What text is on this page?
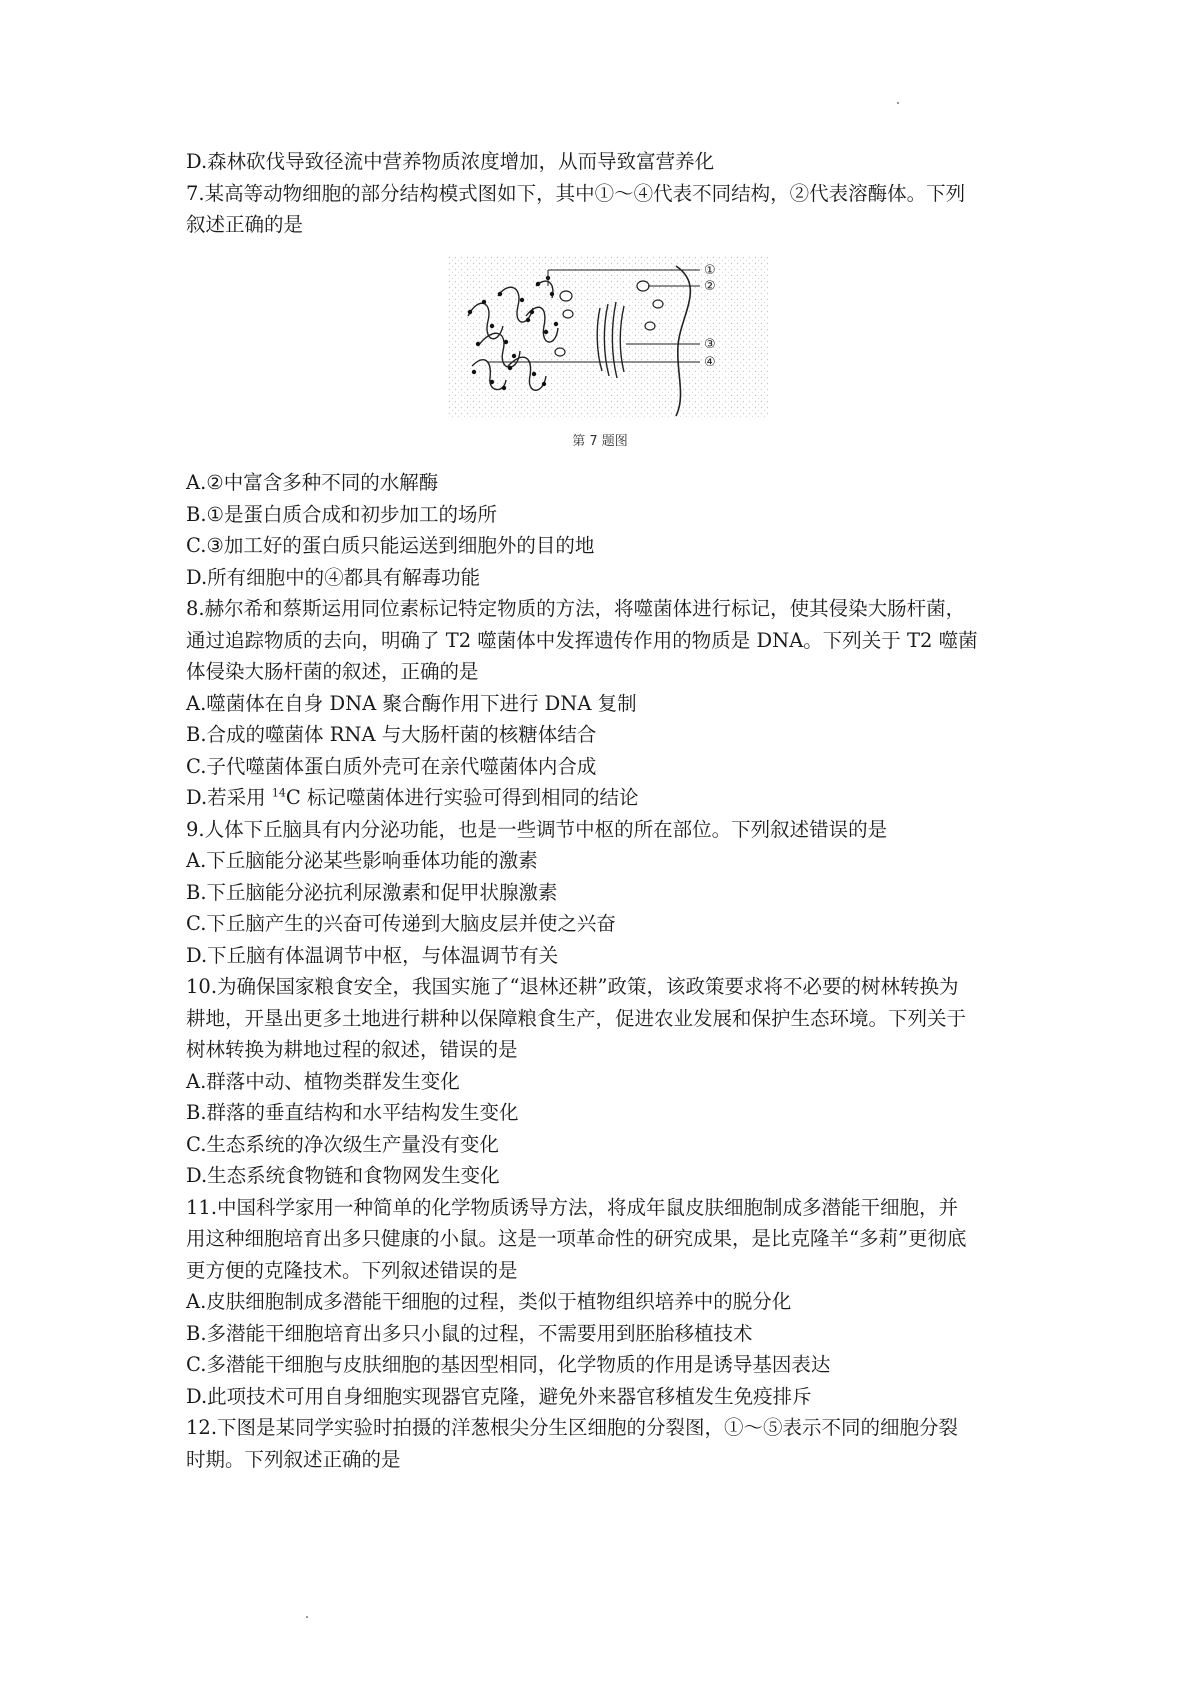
D.森林砍伐导致径流中营养物质浓度增加，从而导致富营养化
7.某高等动物细胞的部分结构模式图如下，其中①～④代表不同结构，②代表溶酶体。下列
叙述正确的是
①
②
③
④
第 7 题图
A.②中富含多种不同的水解酶
B.①是蛋白质合成和初步加工的场所
C.③加工好的蛋白质只能运送到细胞外的目的地
D.所有细胞中的④都具有解毒功能
8.赫尔希和蔡斯运用同位素标记特定物质的方法，将噬菌体进行标记，使其侵染大肠杆菌，
通过追踪物质的去向，明确了 T2 噬菌体中发挥遗传作用的物质是 DNA。下列关于 T2 噬菌
体侵染大肠杆菌的叙述，正确的是
A.噬菌体在自身 DNA 聚合酶作用下进行 DNA 复制
B.合成的噬菌体 RNA 与大肠杆菌的核糖体结合
C.子代噬菌体蛋白质外壳可在亲代噬菌体内合成
D.若采用 $^{14}$C 标记噬菌体进行实验可得到相同的结论
9.人体下丘脑具有内分泌功能，也是一些调节中枢的所在部位。下列叙述错误的是
A.下丘脑能分泌某些影响垂体功能的激素
B.下丘脑能分泌抗利尿激素和促甲状腺激素
C.下丘脑产生的兴奋可传递到大脑皮层并使之兴奋
D.下丘脑有体温调节中枢，与体温调节有关
10.为确保国家粮食安全，我国实施了“退林还耕”政策，该政策要求将不必要的树林转换为
耕地，开垦出更多土地进行耕种以保障粮食生产，促进农业发展和保护生态环境。下列关于
树林转换为耕地过程的叙述，错误的是
A.群落中动、植物类群发生变化
B.群落的垂直结构和水平结构发生变化
C.生态系统的净次级生产量没有变化
D.生态系统食物链和食物网发生变化
11.中国科学家用一种简单的化学物质诱导方法，将成年鼠皮肤细胞制成多潜能干细胞，并
用这种细胞培育出多只健康的小鼠。这是一项革命性的研究成果，是比克隆羊“多莉”更彻底
更方便的克隆技术。下列叙述错误的是
A.皮肤细胞制成多潜能干细胞的过程，类似于植物组织培养中的脱分化
B.多潜能干细胞培育出多只小鼠的过程，不需要用到胚胎移植技术
C.多潜能干细胞与皮肤细胞的基因型相同，化学物质的作用是诱导基因表达
D.此项技术可用自身细胞实现器官克隆，避免外来器官移植发生免疫排斥
12.下图是某同学实验时拍摄的洋葱根尖分生区细胞的分裂图，①～⑤表示不同的细胞分裂
时期。下列叙述正确的是
